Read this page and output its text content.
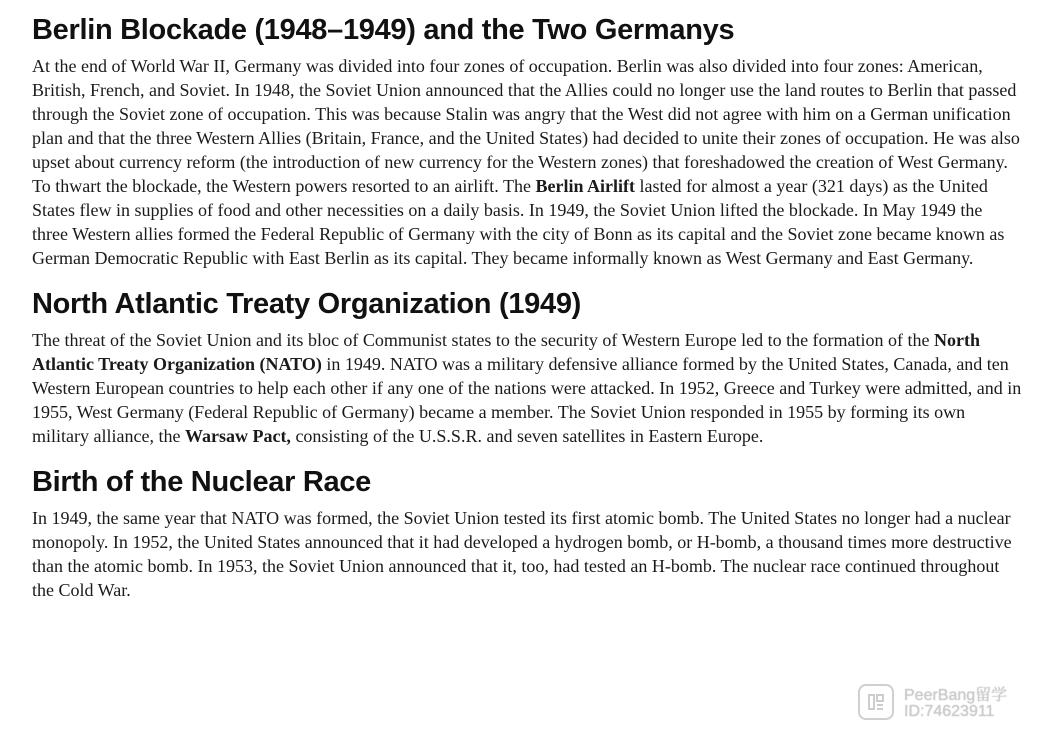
Berlin Blockade (1948–1949) and the Two Germanys

At the end of World War II, Germany was divided into four zones of occupation. Berlin was also divided into four zones: American, British, French, and Soviet. In 1948, the Soviet Union announced that the Allies could no longer use the land routes to Berlin that passed through the Soviet zone of occupation. This was because Stalin was angry that the West did not agree with him on a German unification plan and that the three Western Allies (Britain, France, and the United States) had decided to unite their zones of occupation. He was also upset about currency reform (the introduction of new currency for the Western zones) that foreshadowed the creation of West Germany. To thwart the blockade, the Western powers resorted to an airlift. The Berlin Airlift lasted for almost a year (321 days) as the United States flew in supplies of food and other necessities on a daily basis. In 1949, the Soviet Union lifted the blockade. In May 1949 the three Western allies formed the Federal Republic of Germany with the city of Bonn as its capital and the Soviet zone became known as German Democratic Republic with East Berlin as its capital. They became informally known as West Germany and East Germany.

North Atlantic Treaty Organization (1949)

The threat of the Soviet Union and its bloc of Communist states to the security of Western Europe led to the formation of the North Atlantic Treaty Organization (NATO) in 1949. NATO was a military defensive alliance formed by the United States, Canada, and ten Western European countries to help each other if any one of the nations were attacked. In 1952, Greece and Turkey were admitted, and in 1955, West Germany (Federal Republic of Germany) became a member. The Soviet Union responded in 1955 by forming its own military alliance, the Warsaw Pact, consisting of the U.S.S.R. and seven satellites in Eastern Europe.

Birth of the Nuclear Race

In 1949, the same year that NATO was formed, the Soviet Union tested its first atomic bomb. The United States no longer had a nuclear monopoly. In 1952, the United States announced that it had developed a hydrogen bomb, or H-bomb, a thousand times more destructive than the atomic bomb. In 1953, the Soviet Union announced that it, too, had tested an H-bomb. The nuclear race continued throughout the Cold War.

PeerBang留学
ID:74623911
